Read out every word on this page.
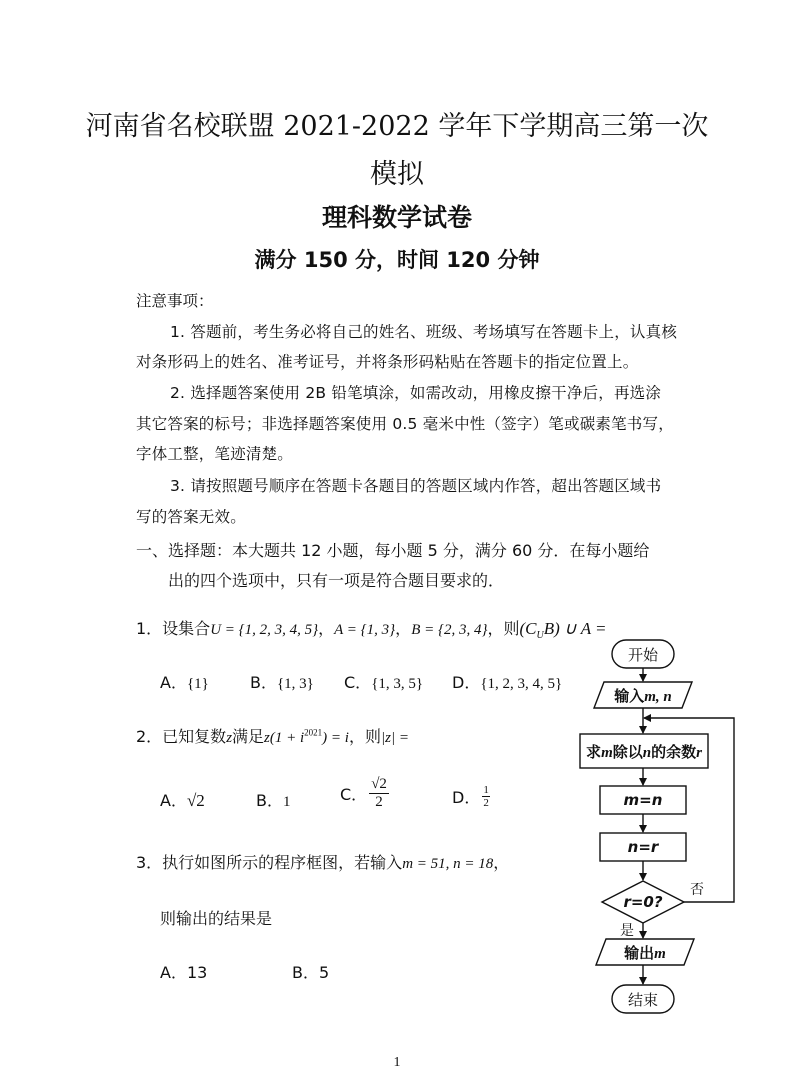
河南省名校联盟 2021-2022 学年下学期高三第一次
模拟
理科数学试卷
满分 150 分，时间 120 分钟
注意事项：
1. 答题前，考生务必将自己的姓名、班级、考场填写在答题卡上，认真核
对条形码上的姓名、准考证号，并将条形码粘贴在答题卡的指定位置上。
2. 选择题答案使用 2B 铅笔填涂，如需改动，用橡皮擦干净后，再选涂
其它答案的标号；非选择题答案使用 0.5 毫米中性（签字）笔或碳素笔书写，
字体工整，笔迹清楚。
3. 请按照题号顺序在答题卡各题目的答题区域内作答，超出答题区域书
写的答案无效。
一、选择题：本大题共 12 小题，每小题 5 分，满分 60 分．在每小题给
出的四个选项中，只有一项是符合题目要求的．
1．设集合U = {1, 2, 3, 4, 5}，A = {1, 3}，B = {2, 3, 4}，则$(C_UB)$ ∪ A =
A．{1}	B．{1, 3} C．{1, 3, 5} D．{1, 2, 3, 4, 5}
2．已知复数z满足$z(1 + i^{2021}) = i$，则|z| =
A．√2	B．1	C． $\frac{√2}{2}$	D． $\frac{1}{2}$
3．执行如图所示的程序框图，若输入m = 51, n = 18，
则输出的结果是
A．13	B．5
开始
输入m, n
求m除以n的余数r
m=n
n=r
r=0?
否
是
输出m
结束
1
